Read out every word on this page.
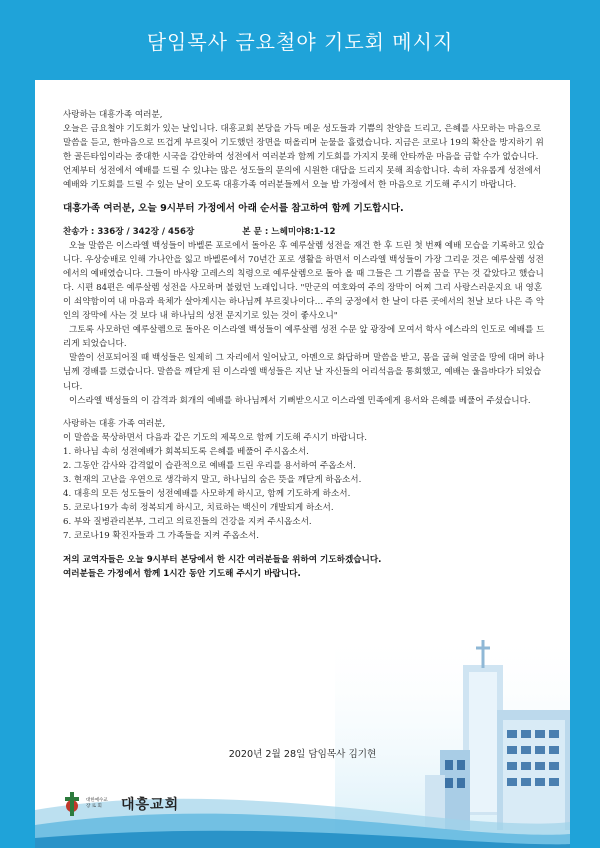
담임목사 금요철야 기도회 메시지

사랑하는 대흥가족 여러분,

오늘은 금요철야 기도회가 있는 날입니다. 대흥교회 본당을 가득 메운 성도들과 기쁨의 찬양을 드리고, 은혜를 사모하는 마음으로 말씀을 듣고, 한마음으로 뜨겁게 부르짖어 기도했던 장면을 떠올리며 눈물을 흘렸습니다. 지금은 코로나 19의 확산을 방지하기 위한 골든타임이라는 중대한 시국을 감안하여 성전에서 여러분과 함께 기도회를 가지지 못해 안타까운 마음을 금할 수가 없습니다. 언제부터 성전에서 예배를 드릴 수 있냐는 많은 성도들의 문의에 시원한 대답을 드리지 못해 죄송합니다. 속히 자유롭게 성전에서 예배와 기도회를 드릴 수 있는 날이 오도록 대흥가족 여러분들께서 오늘 밤 가정에서 한 마음으로 기도해 주시기 바랍니다.

대흥가족 여러분, 오늘 9시부터 가정에서 아래 순서를 참고하여 함께 기도합시다.

찬송가 : 336장 / 342장 / 456장	본 문 : 느헤미야8:1-12

오늘 말씀은 이스라엘 백성들이 바벨론 포로에서 돌아온 후 예루살렘 성전을 재건 한 후 드린 첫 번째 예배 모습을 기록하고 있습니다. 우상숭배로 인해 가나안을 잃고 바벨론에서 70년간 포로 생활을 하면서 이스라엘 백성들이 가장 그리운 것은 예루살렘 성전에서의 예배였습니다. 그들이 바사왕 고레스의 칙령으로 예루살렘으로 돌아 올 때 그들은 그 기쁨을 꿈을 꾸는 것 같았다고 했습니다. 시편 84편은 예루살렘 성전을 사모하며 불렀던 노래입니다. "만군의 여호와여 주의 장막이 어찌 그리 사랑스러운지요 내 영혼이 쇠약함이여 내 마음과 육체가 살아계시는 하나님께 부르짖나이다… 주의 궁정에서 한 날이 다른 곳에서의 천날 보다 나은 즉 악인의 장막에 사는 것 보다 내 하나님의 성전 문지기로 있는 것이 좋사오니"

그토록 사모하던 예루살렘으로 돌아온 이스라엘 백성들이 예루살렘 성전 수문 앞 광장에 모여서 학사 에스라의 인도로 예배를 드리게 되었습니다.

말씀이 선포되어질 때 백성들은 일제히 그 자리에서 일어났고, 아멘으로 화답하며 말씀을 받고, 몸을 굽혀 얼굴을 땅에 대며 하나님께 경배를 드렸습니다. 말씀을 깨닫게 된 이스라엘 백성들은 지난 날 자신들의 어리석음을 통회했고, 예배는 울음바다가 되었습니다.

이스라엘 백성들의 이 감격과 회개의 예배를 하나님께서 기뻐받으시고 이스라엘 민족에게 용서와 은혜를 베풀어 주셨습니다.

사랑하는 대흥 가족 여러분,

이 말씀을 묵상하면서 다음과 같은 기도의 제목으로 함께 기도해 주시기 바랍니다.

1. 하나님 속히 성전예배가 회복되도록 은혜를 베풀어 주시옵소서.

2. 그동안 감사와 감격없이 습관적으로 예배를 드린 우리를 용서하여 주옵소서.

3. 현재의 고난을 우연으로 생각하지 말고, 하나님의 숨은 뜻을 깨닫게 하옵소서.

4. 대흥의 모든 성도들이 성전예배를 사모하게 하시고, 함께 기도하게 하소서.

5. 코로나19가 속히 정복되게 하시고, 치료하는 백신이 개발되게 하소서.

6. 부와 질병관리본부, 그리고 의료진들의 건강을 지켜 주시옵소서.

7. 코로나19 확진자들과 그 가족들을 지켜 주옵소서.

저의 교역자들은 오늘 9시부터 본당에서 한 시간 여러분들을 위하여 기도하겠습니다.

여러분들은 가정에서 함께 1시간 동안 기도해 주시기 바랍니다.

2020년 2월 28일 담임목사 김기현
대한예수교
장 로 회	대흥교회
